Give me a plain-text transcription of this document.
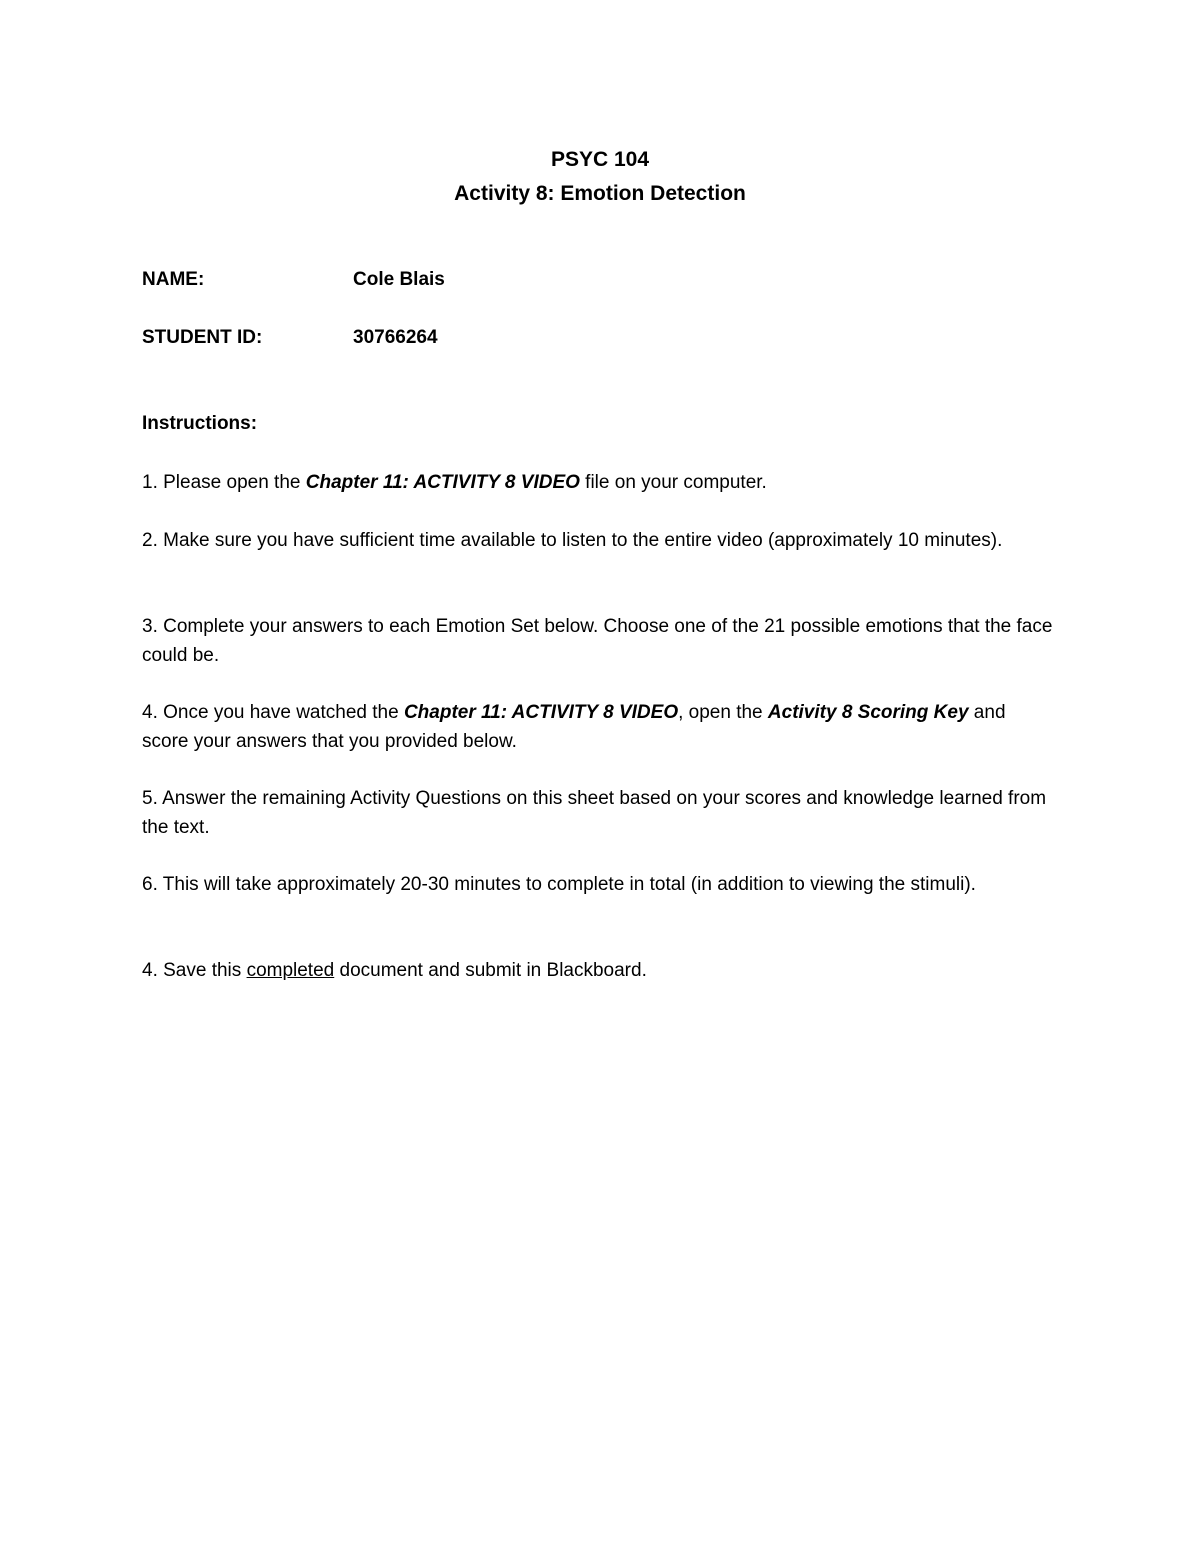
PSYC 104
Activity 8: Emotion Detection
NAME:	Cole Blais
STUDENT ID:	30766264
Instructions:
1. Please open the Chapter 11: ACTIVITY 8 VIDEO file on your computer.
2. Make sure you have sufficient time available to listen to the entire video (approximately 10 minutes).
3. Complete your answers to each Emotion Set below. Choose one of the 21 possible emotions that the face could be.
4. Once you have watched the Chapter 11: ACTIVITY 8 VIDEO, open the Activity 8 Scoring Key and score your answers that you provided below.
5. Answer the remaining Activity Questions on this sheet based on your scores and knowledge learned from the text.
6. This will take approximately 20-30 minutes to complete in total (in addition to viewing the stimuli).
4. Save this completed document and submit in Blackboard.
